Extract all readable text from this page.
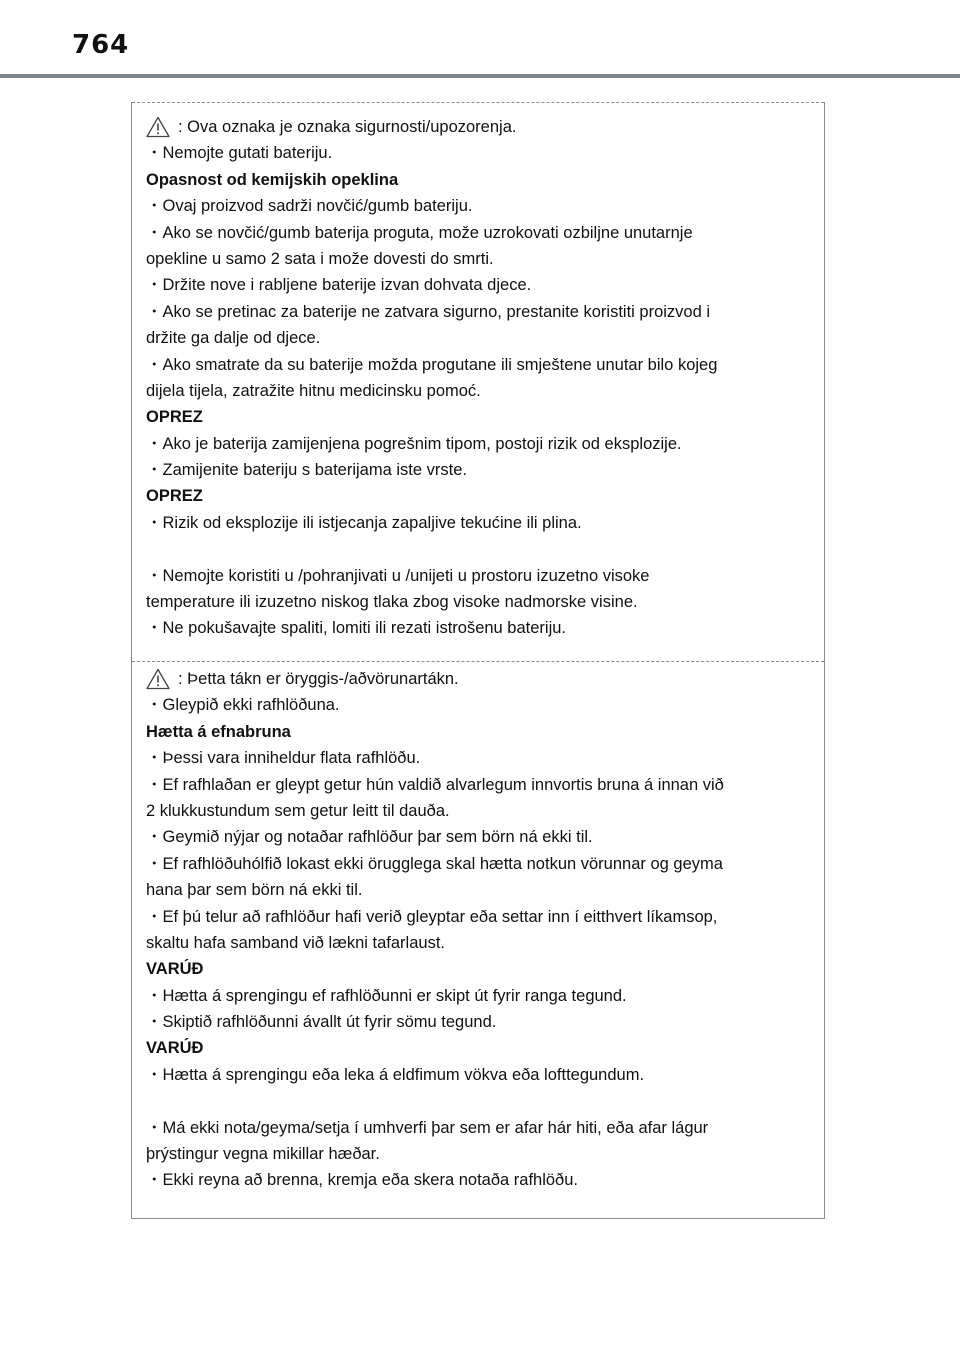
764
: Ova oznaka je oznaka sigurnosti/upozorenja.
・Nemojte gutati bateriju.
Opasnost od kemijskih opeklina
・Ovaj proizvod sadrži novčić/gumb bateriju.
・Ako se novčić/gumb baterija proguta, može uzrokovati ozbiljne unutarnje
opekline u samo 2 sata i može dovesti do smrti.
・Držite nove i rabljene baterije izvan dohvata djece.
・Ako se pretinac za baterije ne zatvara sigurno, prestanite koristiti proizvod i
držite ga dalje od djece.
・Ako smatrate da su baterije možda progutane ili smještene unutar bilo kojeg
dijela tijela, zatražite hitnu medicinsku pomoć.
OPREZ
・Ako je baterija zamijenjena pogrešnim tipom, postoji rizik od eksplozije.
・Zamijenite bateriju s baterijama iste vrste.
OPREZ
・Rizik od eksplozije ili istjecanja zapaljive tekućine ili plina.
・Nemojte koristiti u /pohranjivati u /unijeti u prostoru izuzetno visoke
temperature ili izuzetno niskog tlaka zbog visoke nadmorske visine.
・Ne pokušavajte spaliti, lomiti ili rezati istrošenu bateriju.
: Þetta tákn er öryggis-/aðvörunartákn.
・Gleypið ekki rafhlöðuna.
Hætta á efnabruna
・Þessi vara inniheldur flata rafhlöðu.
・Ef rafhlaðan er gleypt getur hún valdið alvarlegum innvortis bruna á innan við
2 klukkustundum sem getur leitt til dauða.
・Geymið nýjar og notaðar rafhlöður þar sem börn ná ekki til.
・Ef rafhlöðuhólfið lokast ekki örugglega skal hætta notkun vörunnar og geyma
hana þar sem börn ná ekki til.
・Ef þú telur að rafhlöður hafi verið gleyptar eða settar inn í eitthvert líkamsop,
skaltu hafa samband við lækni tafarlaust.
VARÚÐ
・Hætta á sprengingu ef rafhlöðunni er skipt út fyrir ranga tegund.
・Skiptið rafhlöðunni ávallt út fyrir sömu tegund.
VARÚÐ
・Hætta á sprengingu eða leka á eldfimum vökva eða lofttegundum.
・Má ekki nota/geyma/setja í umhverfi þar sem er afar hár hiti, eða afar lágur
þrýstingur vegna mikillar hæðar.
・Ekki reyna að brenna, kremja eða skera notaða rafhlöðu.
